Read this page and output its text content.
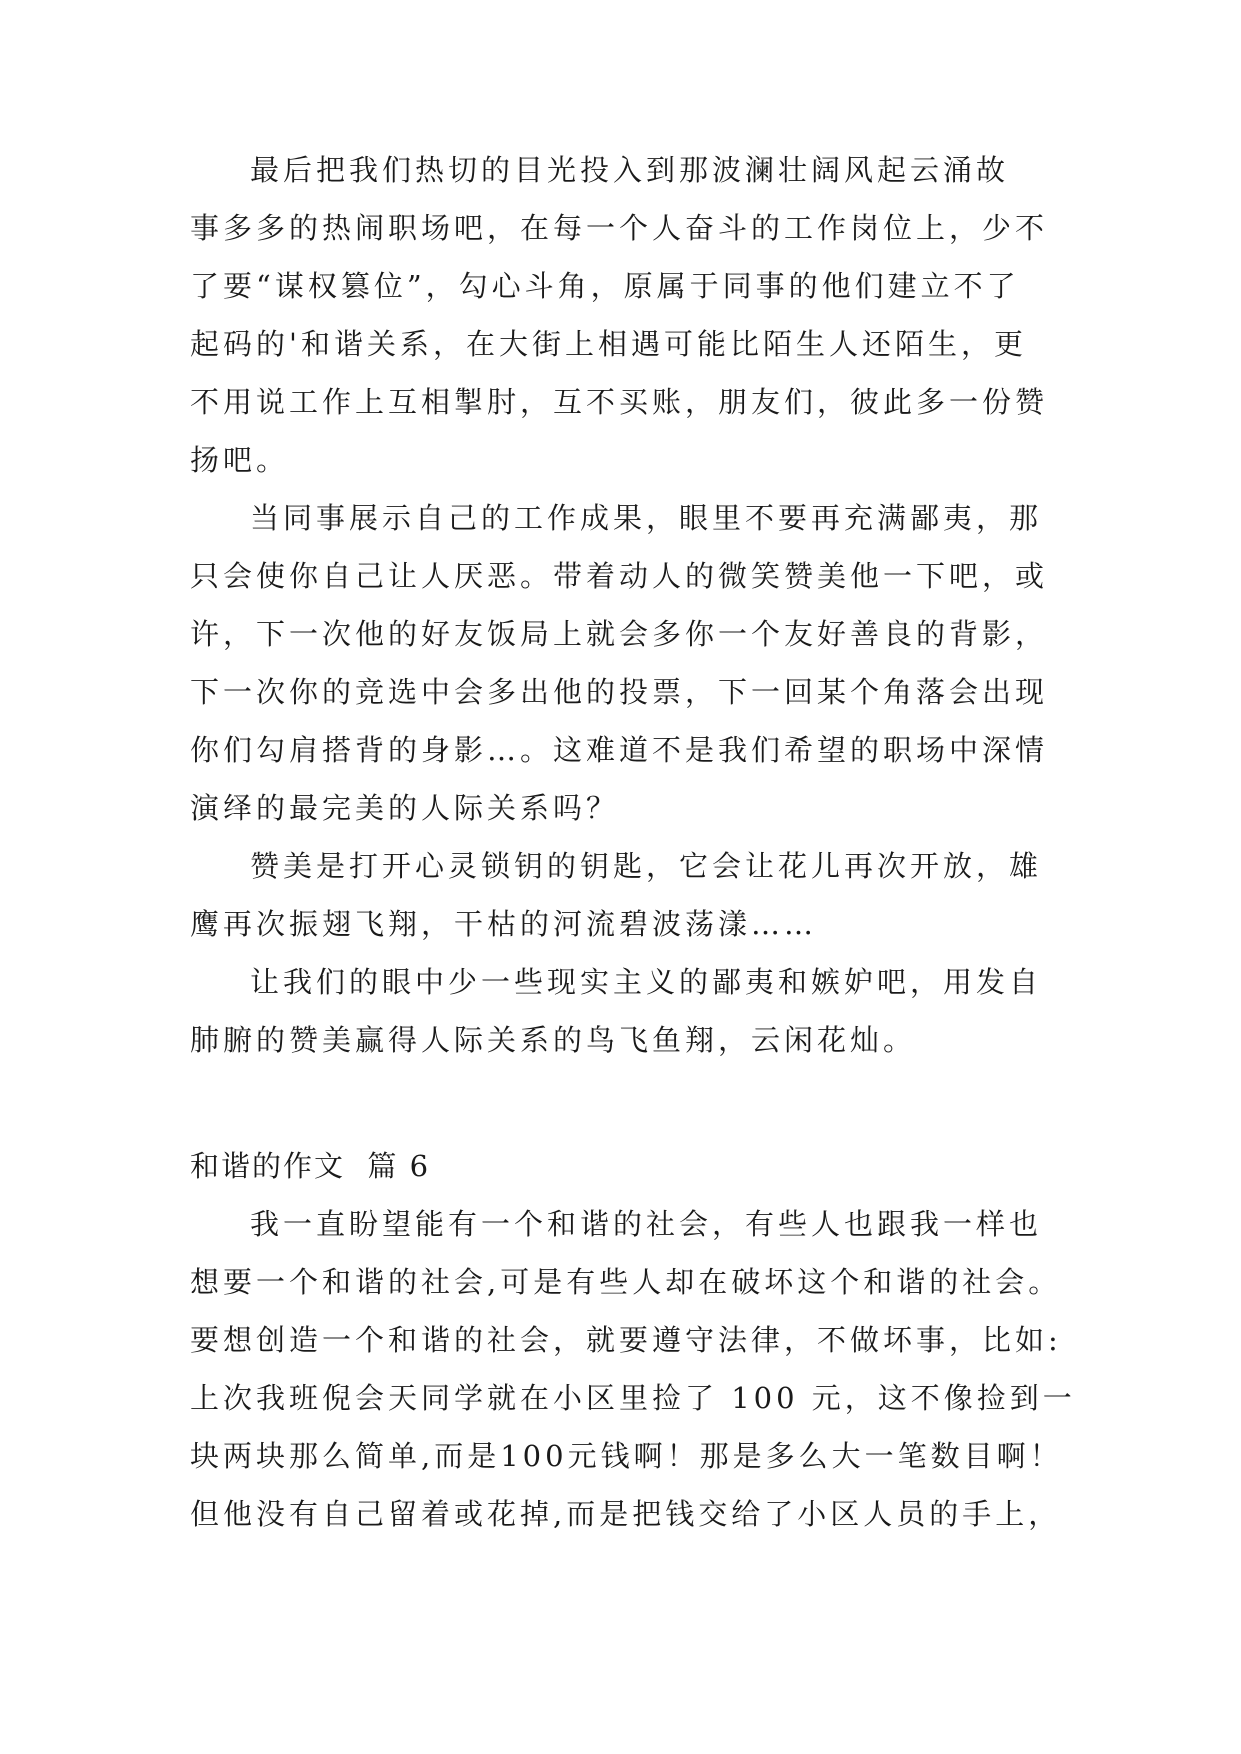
最后把我们热切的目光投入到那波澜壮阔风起云涌故
事多多的热闹职场吧，在每一个人奋斗的工作岗位上，少不
了要“谋权篡位”，勾心斗角，原属于同事的他们建立不了
起码的'和谐关系，在大街上相遇可能比陌生人还陌生，更
不用说工作上互相掣肘，互不买账，朋友们，彼此多一份赞
扬吧。
当同事展示自己的工作成果，眼里不要再充满鄙夷，那
只会使你自己让人厌恶。带着动人的微笑赞美他一下吧，或
许，下一次他的好友饭局上就会多你一个友好善良的背影，
下一次你的竞选中会多出他的投票，下一回某个角落会出现
你们勾肩搭背的身影…。这难道不是我们希望的职场中深情
演绎的最完美的人际关系吗？
赞美是打开心灵锁钥的钥匙，它会让花儿再次开放，雄
鹰再次振翅飞翔，干枯的河流碧波荡漾……
让我们的眼中少一些现实主义的鄙夷和嫉妒吧，用发自
肺腑的赞美赢得人际关系的鸟飞鱼翔，云闲花灿。
和谐的作文  篇 6
我一直盼望能有一个和谐的社会，有些人也跟我一样也
想要一个和谐的社会,可是有些人却在破坏这个和谐的社会。
要想创造一个和谐的社会，就要遵守法律，不做坏事，比如:
上次我班倪会天同学就在小区里捡了 100 元，这不像捡到一
块两块那么简单,而是100元钱啊！那是多么大一笔数目啊！
但他没有自己留着或花掉,而是把钱交给了小区人员的手上，
